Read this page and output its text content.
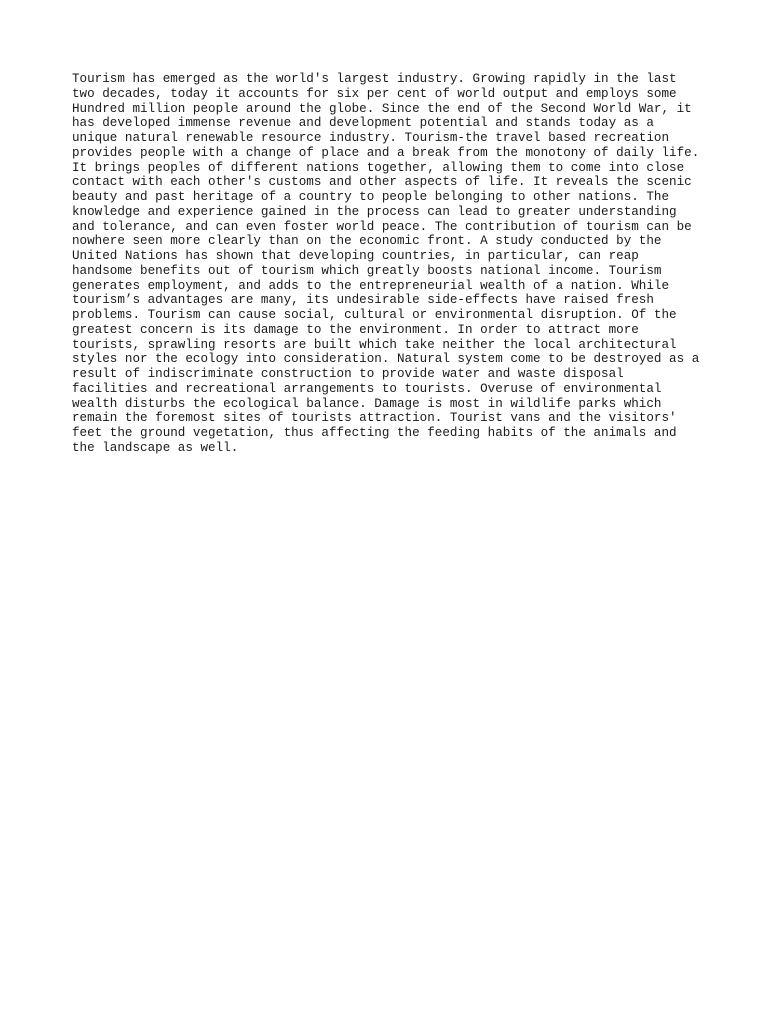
Tourism has emerged as the world's largest industry. Growing rapidly in the last
two decades, today it accounts for six per cent of world output and employs some
Hundred million people around the globe. Since the end of the Second World War, it
has developed immense revenue and development potential and stands today as a
unique natural renewable resource industry. Tourism-the travel based recreation
provides people with a change of place and a break from the monotony of daily life.
It brings peoples of different nations together, allowing them to come into close
contact with each other's customs and other aspects of life. It reveals the scenic
beauty and past heritage of a country to people belonging to other nations. The
knowledge and experience gained in the process can lead to greater understanding
and tolerance, and can even foster world peace. The contribution of tourism can be
nowhere seen more clearly than on the economic front. A study conducted by the
United Nations has shown that developing countries, in particular, can reap
handsome benefits out of tourism which greatly boosts national income. Tourism
generates employment, and adds to the entrepreneurial wealth of a nation. While
tourism’s advantages are many, its undesirable side-effects have raised fresh
problems. Tourism can cause social, cultural or environmental disruption. Of the
greatest concern is its damage to the environment. In order to attract more
tourists, sprawling resorts are built which take neither the local architectural
styles nor the ecology into consideration. Natural system come to be destroyed as a
result of indiscriminate construction to provide water and waste disposal
facilities and recreational arrangements to tourists. Overuse of environmental
wealth disturbs the ecological balance. Damage is most in wildlife parks which
remain the foremost sites of tourists attraction. Tourist vans and the visitors'
feet the ground vegetation, thus affecting the feeding habits of the animals and
the landscape as well.
